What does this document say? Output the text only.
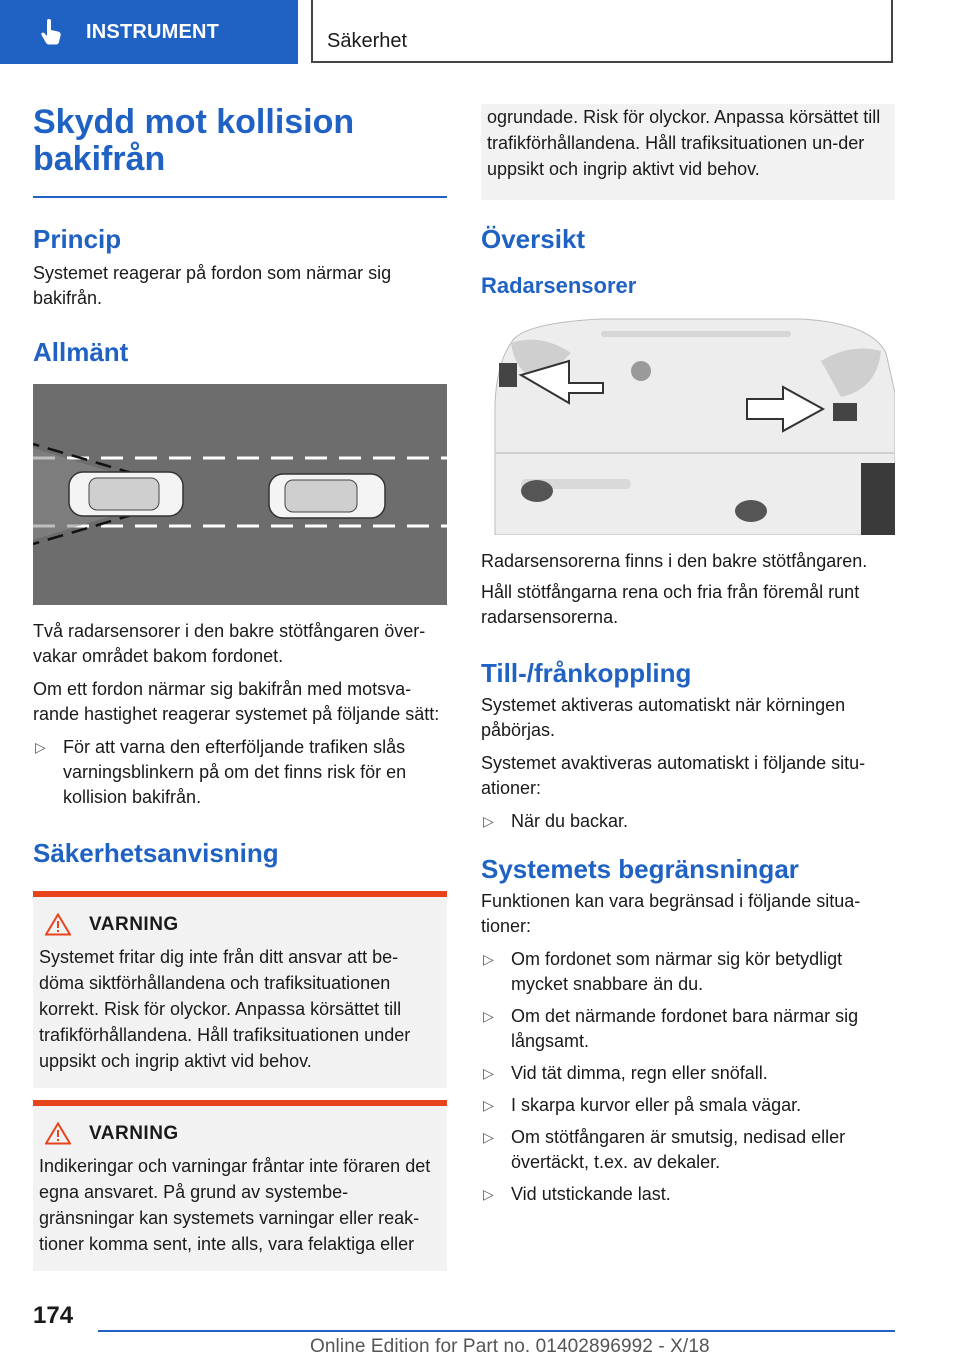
INSTRUMENT	Säkerhet
Skydd mot kollision bakifrån
Princip

Systemet reagerar på fordon som närmar sig bakifrån.

Allmänt

Två radarsensorer i den bakre stötfångaren över-vakar området bakom fordonet.

Om ett fordon närmar sig bakifrån med motsva-rande hastighet reagerar systemet på följande sätt:

▷ För att varna den efterföljande trafiken slås varningsblinkern på om det finns risk för en kollision bakifrån.
Säkerhetsanvisning
VARNING

Systemet fritar dig inte från ditt ansvar att be-döma siktförhållandena och trafiksituationen korrekt. Risk för olyckor. Anpassa körsättet till trafikförhållandena. Håll trafiksituationen under uppsikt och ingrip aktivt vid behov.

VARNING

Indikeringar och varningar fråntar inte föraren det egna ansvaret. På grund av systembe-gränsningar kan systemets varningar eller reak-tioner komma sent, inte alls, vara felaktiga eller

ogrundade. Risk för olyckor. Anpassa körsättet till trafikförhållandena. Håll trafiksituationen un-der uppsikt och ingrip aktivt vid behov.

Översikt
Radarsensorer

Radarsensorerna finns i den bakre stötfångaren.

Håll stötfångarna rena och fria från föremål runt radarsensorerna.

Till-/frånkoppling

Systemet aktiveras automatiskt när körningen påbörjas.

Systemet avaktiveras automatiskt i följande situ-ationer:

▷ När du backar.
Systemets begränsningar

Funktionen kan vara begränsad i följande situa-tioner:

▷ Om fordonet som närmar sig kör betydligt mycket snabbare än du.
▷ Om det närmande fordonet bara närmar sig långsamt.
▷ Vid tät dimma, regn eller snöfall.
▷ I skarpa kurvor eller på smala vägar.
▷ Om stötfångaren är smutsig, nedisad eller övertäckt, t.ex. av dekaler.
▷ Vid utstickande last.
174
Online Edition for Part no. 01402896992 - X/18
